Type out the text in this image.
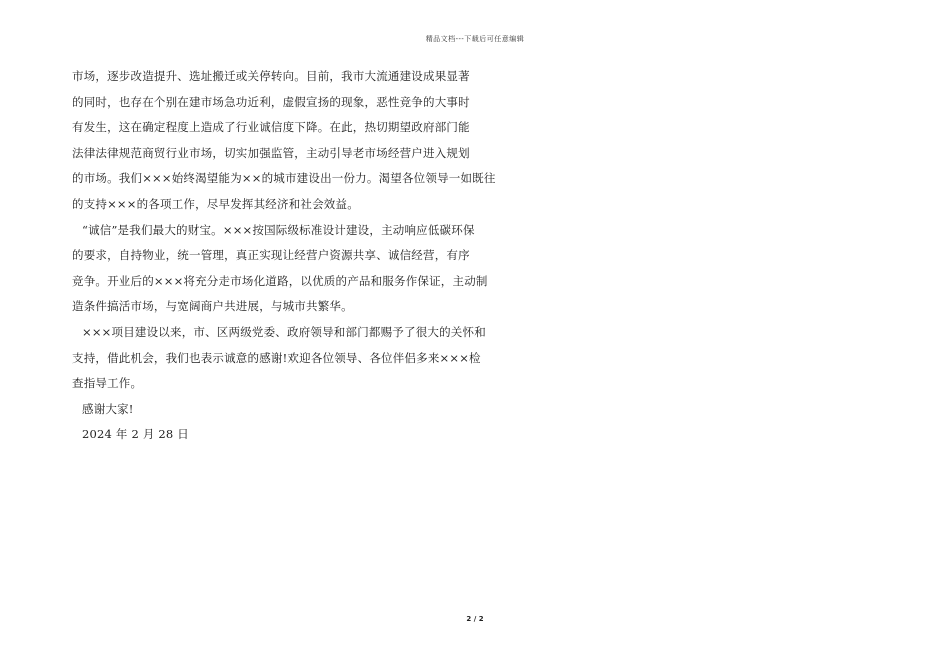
精品文档---下载后可任意编辑
市场，逐步改造提升、选址搬迁或关停转向。目前，我市大流通建设成果显著
的同时，也存在个别在建市场急功近利，虚假宣扬的现象，恶性竞争的大事时
有发生，这在确定程度上造成了行业诚信度下降。在此，热切期望政府部门能
法律法律规范商贸行业市场，切实加强监管，主动引导老市场经营户进入规划
的市场。我们×××始终渴望能为××的城市建设出一份力。渴望各位领导一如既往
的支持×××的各项工作，尽早发挥其经济和社会效益。
“诚信”是我们最大的财宝。×××按国际级标准设计建设，主动响应低碳环保
的要求，自持物业，统一管理，真正实现让经营户资源共享、诚信经营，有序
竞争。开业后的×××将充分走市场化道路，以优质的产品和服务作保证，主动制
造条件搞活市场，与宽阔商户共进展，与城市共繁华。
×××项目建设以来，市、区两级党委、政府领导和部门都赐予了很大的关怀和
支持，借此机会，我们也表示诚意的感谢!欢迎各位领导、各位伴侣多来×××检
查指导工作。
感谢大家!
2024 年 2 月 28 日
2 / 2
